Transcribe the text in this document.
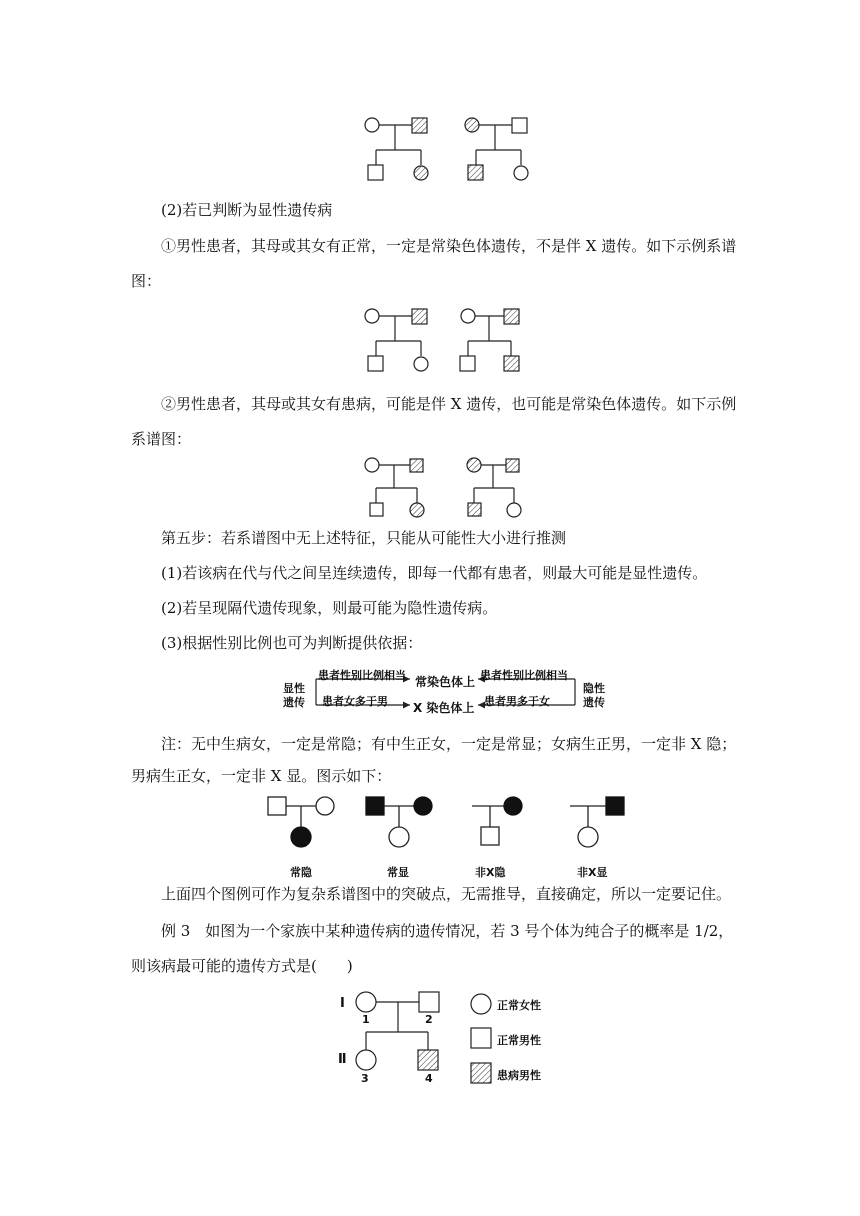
(2)若已判断为显性遗传病
①男性患者，其母或其女有正常，一定是常染色体遗传，不是伴 X 遗传。如下示例系谱
图：
②男性患者，其母或其女有患病，可能是伴 X 遗传，也可能是常染色体遗传。如下示例
系谱图：
第五步：若系谱图中无上述特征，只能从可能性大小进行推测
(1)若该病在代与代之间呈连续遗传，即每一代都有患者，则最大可能是显性遗传。
(2)若呈现隔代遗传现象，则最可能为隐性遗传病。
(3)根据性别比例也可为判断提供依据：
显性
遗传
隐性
遗传
患者性别比例相当
患者女多于男
患者性别比例相当
患者男多于女
常染色体上
X 染色体上
注：无中生病女，一定是常隐；有中生正女，一定是常显；女病生正男，一定非 X 隐；
男病生正女，一定非 X 显。图示如下：
常隐	常显	非X隐	非X显
上面四个图例可作为复杂系谱图中的突破点，无需推导，直接确定，所以一定要记住。
例 3　如图为一个家族中某种遗传病的遗传情况，若 3 号个体为纯合子的概率是 1/2，
则该病最可能的遗传方式是(　　)
Ⅰ
Ⅱ
1	2
3	4
正常女性
正常男性
患病男性
